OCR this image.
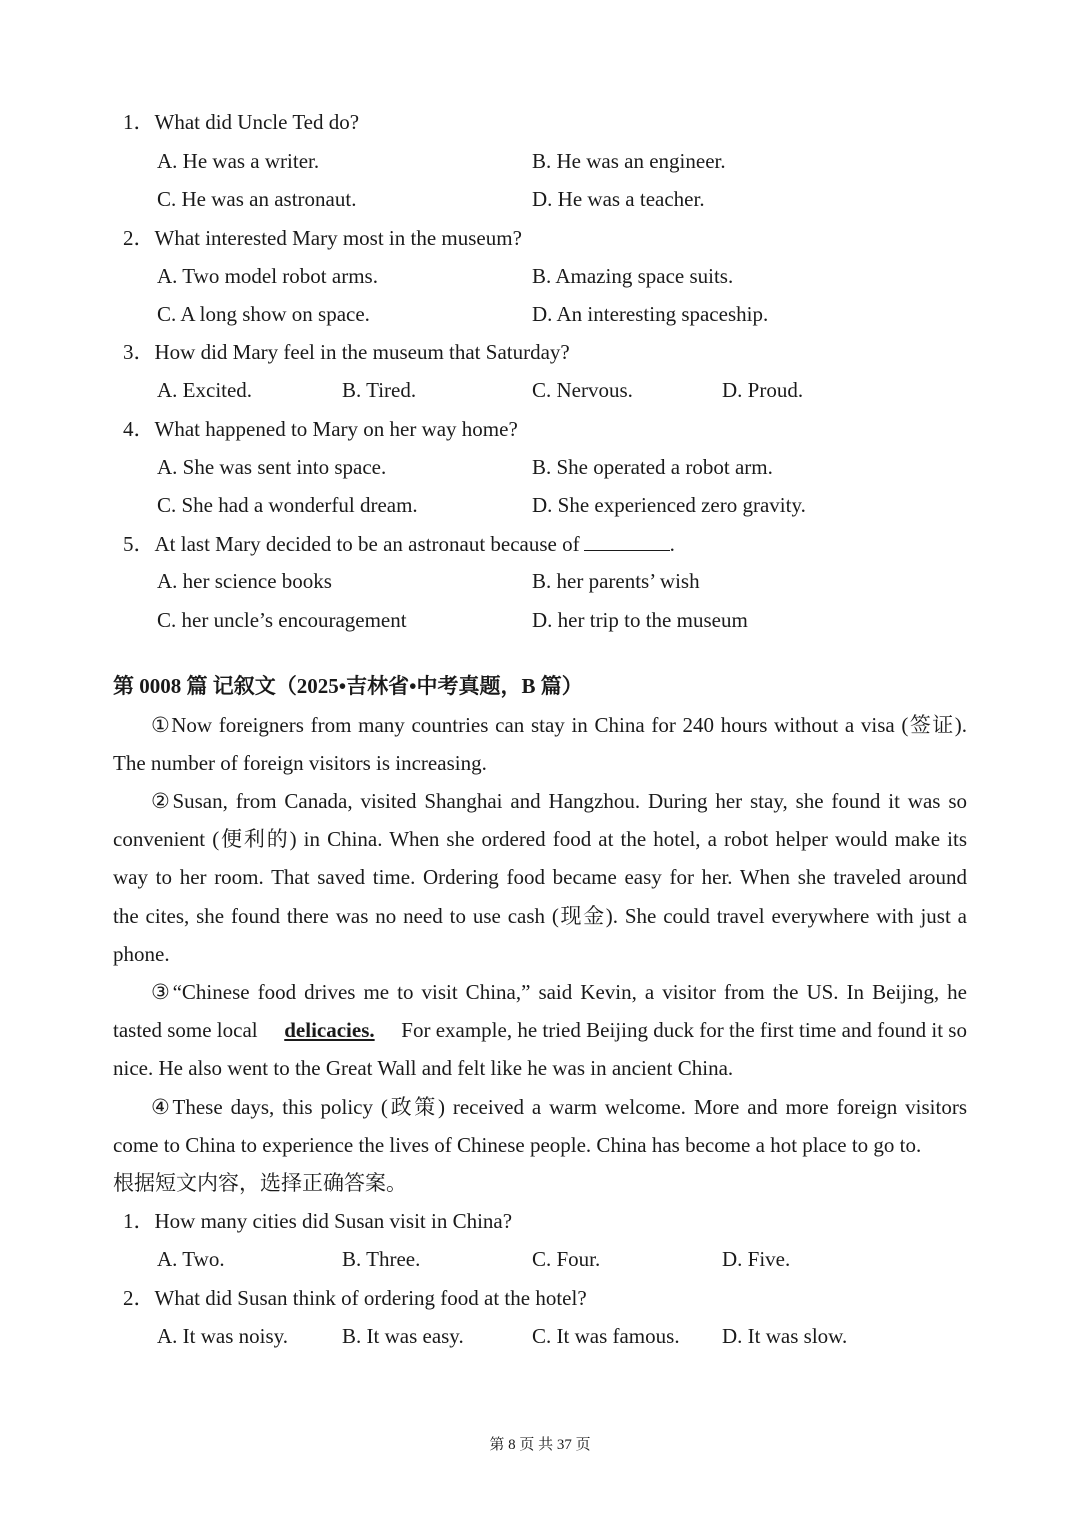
1．What did Uncle Ted do?
A. He was a writer.	B. He was an engineer.
C. He was an astronaut.	D. He was a teacher.
2．What interested Mary most in the museum?
A. Two model robot arms.	B. Amazing space suits.
C. A long show on space.	D. An interesting spaceship.
3．How did Mary feel in the museum that Saturday?
A. Excited.	B. Tired.	C. Nervous.	D. Proud.
4．What happened to Mary on her way home?
A. She was sent into space.	B. She operated a robot arm.
C. She had a wonderful dream.	D. She experienced zero gravity.
5．At last Mary decided to be an astronaut because of	.
A. her science books	B. her parents’ wish
C. her uncle’s encouragement	D. her trip to the museum
第 0008 篇 记叙文（2025•吉林省•中考真题，B 篇）
①Now foreigners from many countries can stay in China for 240 hours without a visa (签证).
The number of foreign visitors is increasing.
②Susan, from Canada, visited Shanghai and Hangzhou. During her stay, she found it was so
convenient (便利的) in China. When she ordered food at the hotel, a robot helper would make its
way to her room. That saved time. Ordering food became easy for her. When she traveled around
the cites, she found there was no need to use cash (现金). She could travel everywhere with just a
phone.
③“Chinese food drives me to visit China,” said Kevin, a visitor from the US. In Beijing, he
tasted some local delicacies. For example, he tried Beijing duck for the first time and found it so
nice. He also went to the Great Wall and felt like he was in ancient China.
④These days, this policy (政策) received a warm welcome. More and more foreign visitors
come to China to experience the lives of Chinese people. China has become a hot place to go to.
根据短文内容，选择正确答案。
1．How many cities did Susan visit in China?
A. Two.	B. Three.	C. Four.	D. Five.
2．What did Susan think of ordering food at the hotel?
A. It was noisy.	B. It was easy.	C. It was famous. D. It was slow.
第 8 页 共 37 页
